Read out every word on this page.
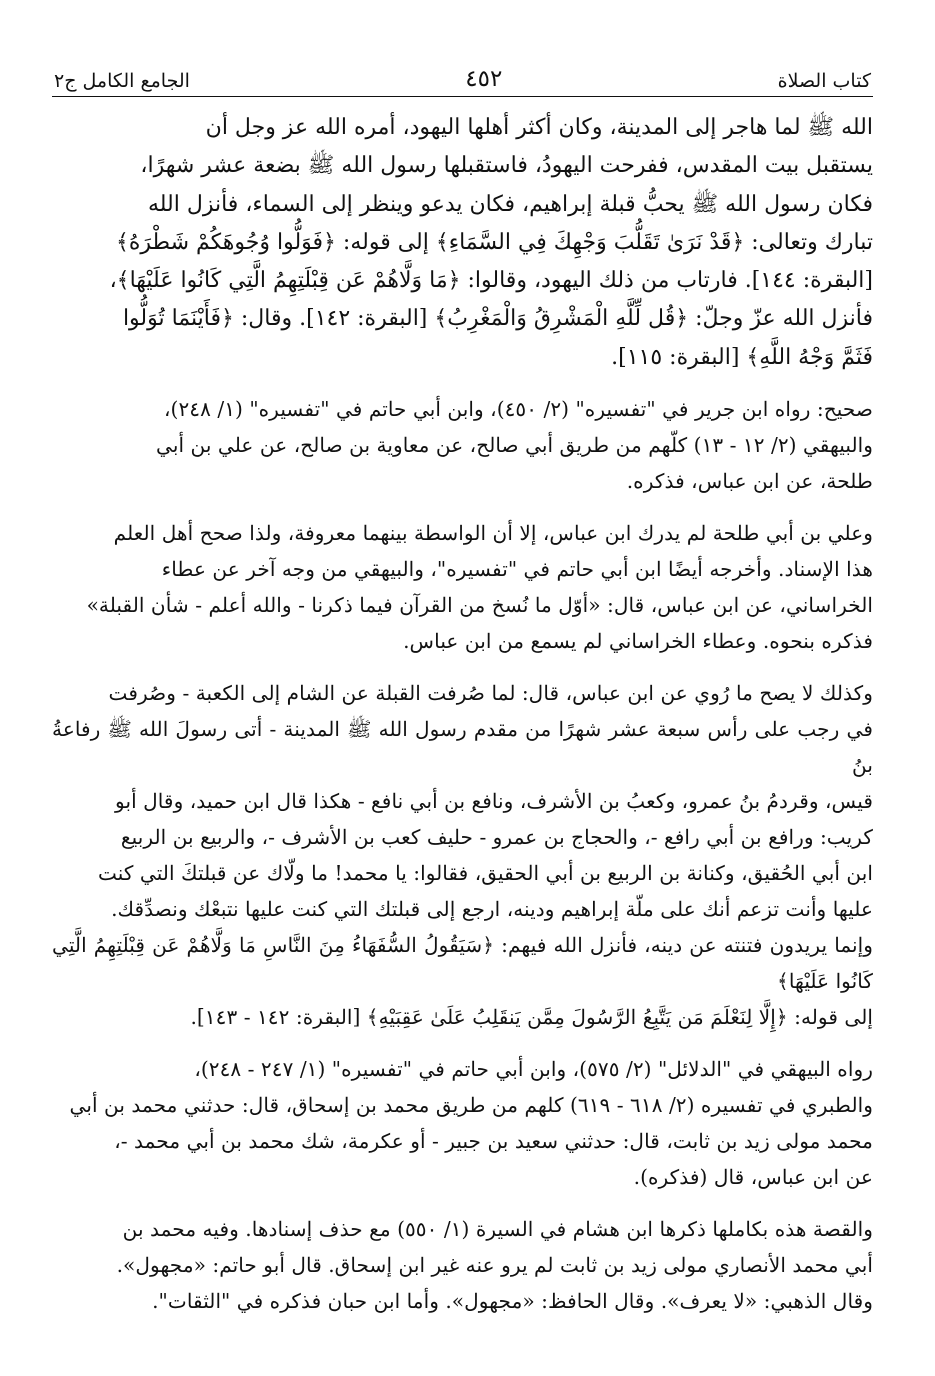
كتاب الصلاة
٤٥٢
الجامع الكامل ج٢

الله ﷺ لما هاجر إلى المدينة، وكان أكثر أهلها اليهود، أمره الله عز وجل أن
يستقبل بيت المقدس، ففرحت اليهودُ، فاستقبلها رسول الله ﷺ بضعة عشر شهرًا،
فكان رسول الله ﷺ يحبُّ قبلة إبراهيم، فكان يدعو وينظر إلى السماء، فأنزل الله
تبارك وتعالى: ﴿قَدْ نَرَىٰ تَقَلُّبَ وَجْهِكَ فِي السَّمَاءِ﴾ إلى قوله: ﴿فَوَلُّوا وُجُوهَكُمْ شَطْرَهُ﴾
[البقرة: ١٤٤]. فارتاب من ذلك اليهود، وقالوا: ﴿مَا وَلَّاهُمْ عَن قِبْلَتِهِمُ الَّتِي كَانُوا عَلَيْهَا﴾،
فأنزل الله عزّ وجلّ: ﴿قُل لِّلَّهِ الْمَشْرِقُ وَالْمَغْرِبُ﴾ [البقرة: ١٤٢]. وقال: ﴿فَأَيْنَمَا تُوَلُّوا
فَثَمَّ وَجْهُ اللَّهِ﴾ [البقرة: ١١٥].

صحيح: رواه ابن جرير في "تفسيره" (٢/ ٤٥٠)، وابن أبي حاتم في "تفسيره" (١/ ٢٤٨)،
والبيهقي (٢/ ١٢ - ١٣) كلّهم من طريق أبي صالح، عن معاوية بن صالح، عن علي بن أبي
طلحة، عن ابن عباس، فذكره.

وعلي بن أبي طلحة لم يدرك ابن عباس، إلا أن الواسطة بينهما معروفة، ولذا صحح أهل العلم
هذا الإسناد. وأخرجه أيضًا ابن أبي حاتم في "تفسيره"، والبيهقي من وجه آخر عن عطاء
الخراساني، عن ابن عباس، قال: «أوّل ما نُسخ من القرآن فيما ذكرنا - والله أعلم - شأن القبلة»
فذكره بنحوه. وعطاء الخراساني لم يسمع من ابن عباس.

وكذلك لا يصح ما رُوي عن ابن عباس، قال: لما صُرفت القبلة عن الشام إلى الكعبة - وصُرفت
في رجب على رأس سبعة عشر شهرًا من مقدم رسول الله ﷺ المدينة - أتى رسولَ الله ﷺ رفاعةُ بنُ
قيس، وقردمُ بنُ عمرو، وكعبُ بن الأشرف، ونافع بن أبي نافع - هكذا قال ابن حميد، وقال أبو
كريب: ورافع بن أبي رافع -، والحجاج بن عمرو - حليف كعب بن الأشرف -، والربيع بن الربيع
ابن أبي الحُقيق، وكنانة بن الربيع بن أبي الحقيق، فقالوا: يا محمد! ما ولّاك عن قبلتكَ التي كنت
عليها وأنت تزعم أنك على ملّة إبراهيم ودينه، ارجع إلى قبلتك التي كنت عليها نتبعْك ونصدِّقك.
وإنما يريدون فتنته عن دينه، فأنزل الله فيهم: ﴿سَيَقُولُ السُّفَهَاءُ مِنَ النَّاسِ مَا وَلَّاهُمْ عَن قِبْلَتِهِمُ الَّتِي كَانُوا عَلَيْهَا﴾
إلى قوله: ﴿إِلَّا لِنَعْلَمَ مَن يَتَّبِعُ الرَّسُولَ مِمَّن يَنقَلِبُ عَلَىٰ عَقِبَيْهِ﴾ [البقرة: ١٤٢ - ١٤٣].

رواه البيهقي في "الدلائل" (٢/ ٥٧٥)، وابن أبي حاتم في "تفسيره" (١/ ٢٤٧ - ٢٤٨)،
والطبري في تفسيره (٢/ ٦١٨ - ٦١٩) كلهم من طريق محمد بن إسحاق، قال: حدثني محمد بن أبي
محمد مولى زيد بن ثابت، قال: حدثني سعيد بن جبير - أو عكرمة، شك محمد بن أبي محمد -،
عن ابن عباس، قال (فذكره).

والقصة هذه بكاملها ذكرها ابن هشام في السيرة (١/ ٥٥٠) مع حذف إسنادها. وفيه محمد بن
أبي محمد الأنصاري مولى زيد بن ثابت لم يرو عنه غير ابن إسحاق. قال أبو حاتم: «مجهول».
وقال الذهبي: «لا يعرف». وقال الحافظ: «مجهول». وأما ابن حبان فذكره في "الثقات".
